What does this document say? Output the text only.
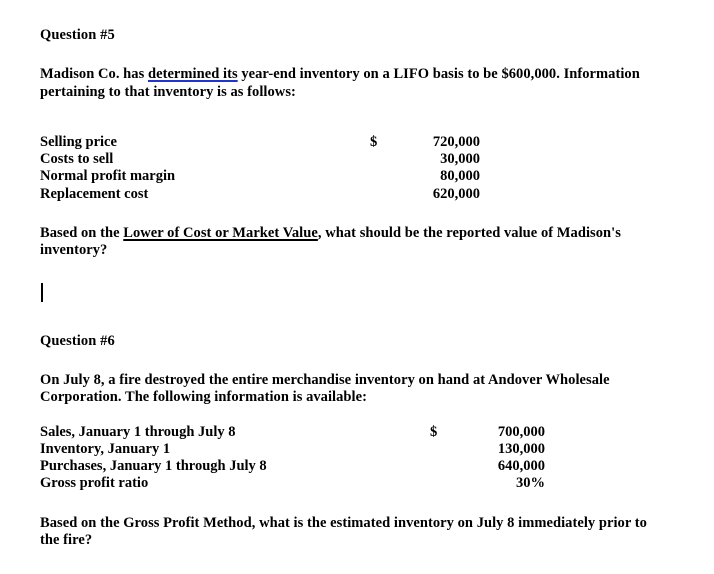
Question #5
Madison Co. has determined its year-end inventory on a LIFO basis to be $600,000. Information pertaining to that inventory is as follows:
Selling price	$	720,000
Costs to sell		30,000
Normal profit margin		80,000
Replacement cost		620,000
Based on the Lower of Cost or Market Value, what should be the reported value of Madison's inventory?
Question #6
On July 8, a fire destroyed the entire merchandise inventory on hand at Andover Wholesale Corporation. The following information is available:
Sales, January 1 through July 8	$	700,000
Inventory, January 1		130,000
Purchases, January 1 through July 8		640,000
Gross profit ratio		30%
Based on the Gross Profit Method, what is the estimated inventory on July 8 immediately prior to the fire?
